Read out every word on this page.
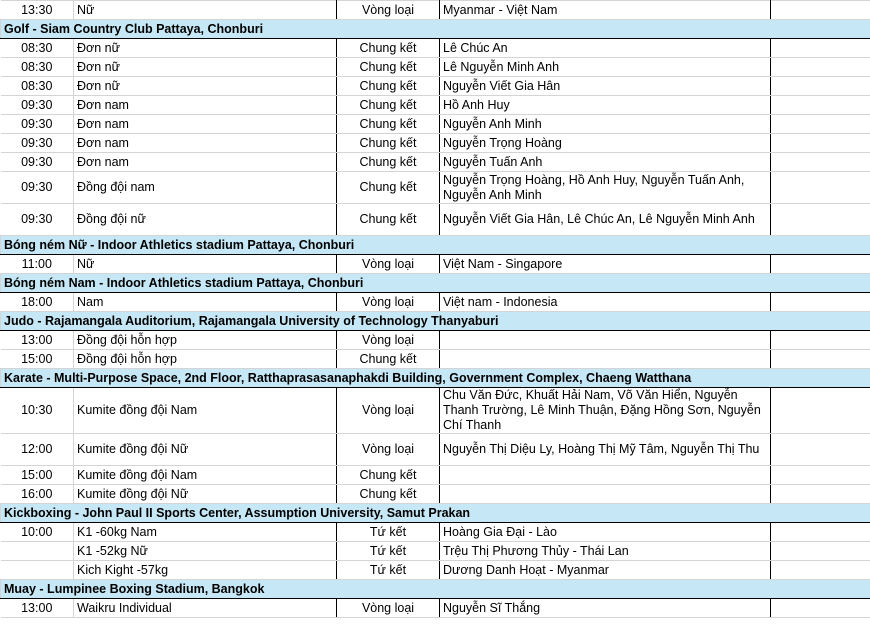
13:30	Nữ	Vòng loại	Myanmar - Việt Nam	
Golf - Siam Country Club Pattaya, Chonburi				
08:30	Đơn nữ	Chung kết	Lê Chúc An	
08:30	Đơn nữ	Chung kết	Lê Nguyễn Minh Anh	
08:30	Đơn nữ	Chung kết	Nguyễn Viết Gia Hân	
09:30	Đơn nam	Chung kết	Hồ Anh Huy	
09:30	Đơn nam	Chung kết	Nguyễn Anh Minh	
09:30	Đơn nam	Chung kết	Nguyễn Trọng Hoàng	
09:30	Đơn nam	Chung kết	Nguyễn Tuấn Anh	
09:30	Đồng đội nam	Chung kết	Nguyễn Trọng Hoàng, Hồ Anh Huy, Nguyễn Tuấn Anh, Nguyễn Anh Minh	
09:30	Đồng đội nữ	Chung kết	Nguyễn Viết Gia Hân, Lê Chúc An, Lê Nguyễn Minh Anh	
Bóng ném Nữ - Indoor Athletics stadium Pattaya, Chonburi				
11:00	Nữ	Vòng loại	Việt Nam - Singapore	
Bóng ném Nam - Indoor Athletics stadium Pattaya, Chonburi				
18:00	Nam	Vòng loại	Việt nam - Indonesia	
Judo - Rajamangala Auditorium, Rajamangala University of Technology Thanyaburi				
13:00	Đồng đội hỗn hợp	Vòng loại		
15:00	Đồng đội hỗn hợp	Chung kết		
Karate - Multi-Purpose Space, 2nd Floor, Ratthaprasasanaphakdi Building, Government Complex, Chaeng Watthana				
10:30	Kumite đồng đội Nam	Vòng loại	Chu Văn Đức, Khuất Hải Nam, Võ Văn Hiển, Nguyễn Thanh Trường, Lê Minh Thuận, Đặng Hồng Sơn, Nguyễn Chí Thanh	
12:00	Kumite đồng đội Nữ	Vòng loại	Nguyễn Thị Diệu Ly, Hoàng Thị Mỹ Tâm, Nguyễn Thị Thu	
15:00	Kumite đồng đội Nam	Chung kết		
16:00	Kumite đồng đội Nữ	Chung kết		
Kickboxing - John Paul II Sports Center, Assumption University, Samut Prakan				
10:00	K1 -60kg Nam	Tứ kết	Hoàng Gia Đại - Lào	
	K1 -52kg Nữ	Tứ kết	Trệu Thị Phương Thủy - Thái Lan	
	Kich Kight -57kg	Tứ kết	Dương Danh Hoạt - Myanmar	
Muay - Lumpinee Boxing Stadium, Bangkok				
13:00	Waikru Individual	Vòng loại	Nguyễn Sĩ Thắng	
